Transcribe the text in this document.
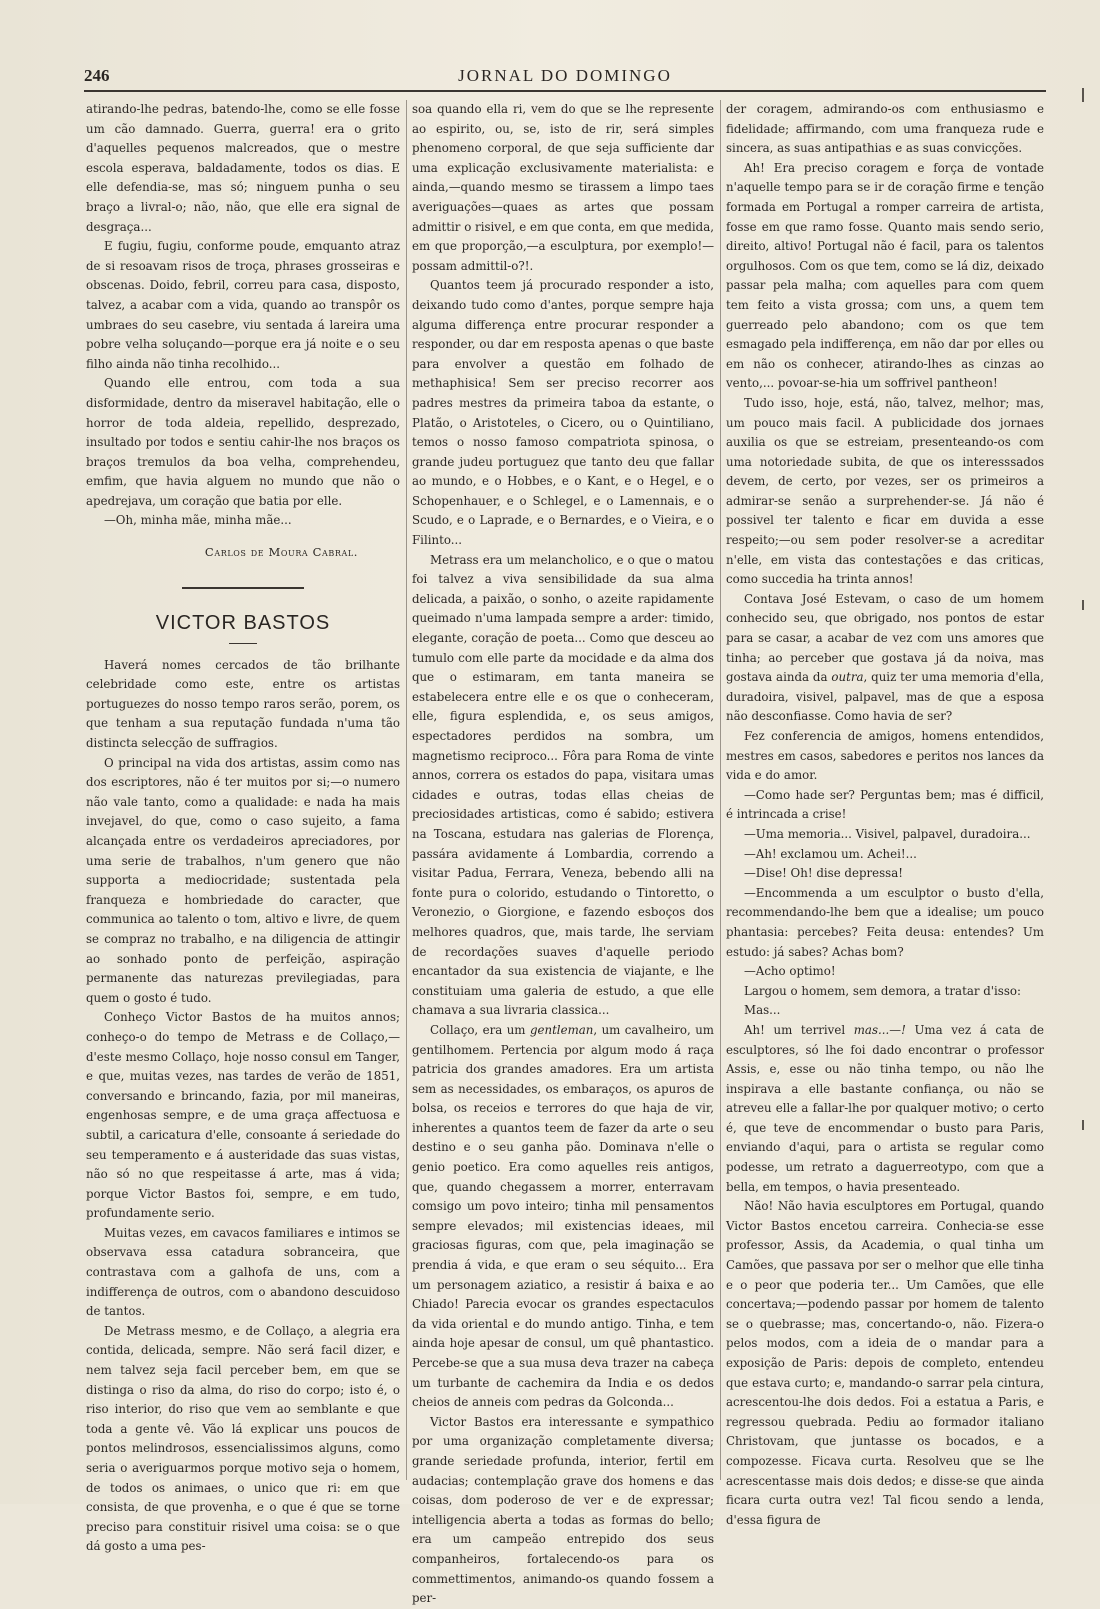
246	JORNAL DO DOMINGO

atirando-lhe pedras, batendo-lhe, como se elle fosse um cão damnado. Guerra, guerra! era o grito d'aquelles pequenos malcreados, que o mestre escola esperava, baldadamente, todos os dias. E elle defendia-se, mas só; ninguem punha o seu braço a livral-o; não, não, que elle era signal de desgraça...

E fugiu, fugiu, conforme poude, emquanto atraz de si resoavam risos de troça, phrases grosseiras e obscenas. Doido, febril, correu para casa, disposto, talvez, a acabar com a vida, quando ao transpôr os umbraes do seu casebre, viu sentada á lareira uma pobre velha soluçando—porque era já noite e o seu filho ainda não tinha recolhido...

Quando elle entrou, com toda a sua disformidade, dentro da miseravel habitação, elle o horror de toda aldeia, repellido, desprezado, insultado por todos e sentiu cahir-lhe nos braços os braços tremulos da boa velha, comprehendeu, emfim, que havia alguem no mundo que não o apedrejava, um coração que batia por elle.

—Oh, minha mãe, minha mãe...

Carlos de Moura Cabral.

VICTOR BASTOS

Haverá nomes cercados de tão brilhante celebridade como este, entre os artistas portuguezes do nosso tempo raros serão, porem, os que tenham a sua reputação fundada n'uma tão distincta selecção de suffragios.

O principal na vida dos artistas, assim como nas dos escriptores, não é ter muitos por si;—o numero não vale tanto, como a qualidade: e nada ha mais invejavel, do que, como o caso sujeito, a fama alcançada entre os verdadeiros apreciadores, por uma serie de trabalhos, n'um genero que não supporta a mediocridade; sustentada pela franqueza e hombriedade do caracter, que communica ao talento o tom, altivo e livre, de quem se compraz no trabalho, e na diligencia de attingir ao sonhado ponto de perfeição, aspiração permanente das naturezas previlegiadas, para quem o gosto é tudo.

Conheço Victor Bastos de ha muitos annos; conheço-o do tempo de Metrass e de Collaço,—d'este mesmo Collaço, hoje nosso consul em Tanger, e que, muitas vezes, nas tardes de verão de 1851, conversando e brincando, fazia, por mil maneiras, engenhosas sempre, e de uma graça affectuosa e subtil, a caricatura d'elle, consoante á seriedade do seu temperamento e á austeridade das suas vistas, não só no que respeitasse á arte, mas á vida; porque Victor Bastos foi, sempre, e em tudo, profundamente serio.

Muitas vezes, em cavacos familiares e intimos se observava essa catadura sobranceira, que contrastava com a galhofa de uns, com a indifferença de outros, com o abandono descuidoso de tantos.

De Metrass mesmo, e de Collaço, a alegria era contida, delicada, sempre. Não será facil dizer, e nem talvez seja facil perceber bem, em que se distinga o riso da alma, do riso do corpo; isto é, o riso interior, do riso que vem ao semblante e que toda a gente vê. Vão lá explicar uns poucos de pontos melindrosos, essencialissimos alguns, como seria o averiguarmos porque motivo seja o homem, de todos os animaes, o unico que ri: em que consista, de que provenha, e o que é que se torne preciso para constituir risivel uma coisa: se o que dá gosto a uma pes-

soa quando ella ri, vem do que se lhe represente ao espirito, ou, se, isto de rir, será simples phenomeno corporal, de que seja sufficiente dar uma explicação exclusivamente materialista: e ainda,—quando mesmo se tirassem a limpo taes averiguações—quaes as artes que possam admittir o risivel, e em que conta, em que medida, em que proporção,—a esculptura, por exemplo!—possam admittil-o?!.

Quantos teem já procurado responder a isto, deixando tudo como d'antes, porque sempre haja alguma differença entre procurar responder a responder, ou dar em resposta apenas o que baste para envolver a questão em folhado de methaphisica! Sem ser preciso recorrer aos padres mestres da primeira taboa da estante, o Platão, o Aristoteles, o Cicero, ou o Quintiliano, temos o nosso famoso compatriota spinosa, o grande judeu portuguez que tanto deu que fallar ao mundo, e o Hobbes, e o Kant, e o Hegel, e o Schopenhauer, e o Schlegel, e o Lamennais, e o Scudo, e o Laprade, e o Bernardes, e o Vieira, e o Filinto...

Metrass era um melancholico, e o que o matou foi talvez a viva sensibilidade da sua alma delicada, a paixão, o sonho, o azeite rapidamente queimado n'uma lampada sempre a arder: timido, elegante, coração de poeta... Como que desceu ao tumulo com elle parte da mocidade e da alma dos que o estimaram, em tanta maneira se estabelecera entre elle e os que o conheceram, elle, figura esplendida, e, os seus amigos, espectadores perdidos na sombra, um magnetismo reciproco... Fôra para Roma de vinte annos, correra os estados do papa, visitara umas cidades e outras, todas ellas cheias de preciosidades artisticas, como é sabido; estivera na Toscana, estudara nas galerias de Florença, passára avidamente á Lombardia, correndo a visitar Padua, Ferrara, Veneza, bebendo alli na fonte pura o colorido, estudando o Tintoretto, o Veronezio, o Giorgione, e fazendo esboços dos melhores quadros, que, mais tarde, lhe serviam de recordações suaves d'aquelle periodo encantador da sua existencia de viajante, e lhe constituiam uma galeria de estudo, a que elle chamava a sua livraria classica...

Collaço, era um gentleman, um cavalheiro, um gentilhomem. Pertencia por algum modo á raça patricia dos grandes amadores. Era um artista sem as necessidades, os embaraços, os apuros de bolsa, os receios e terrores do que haja de vir, inherentes a quantos teem de fazer da arte o seu destino e o seu ganha pão. Dominava n'elle o genio poetico. Era como aquelles reis antigos, que, quando chegassem a morrer, enterravam comsigo um povo inteiro; tinha mil pensamentos sempre elevados; mil existencias ideaes, mil graciosas figuras, com que, pela imaginação se prendia á vida, e que eram o seu séquito... Era um personagem aziatico, a resistir á baixa e ao Chiado! Parecia evocar os grandes espectaculos da vida oriental e do mundo antigo. Tinha, e tem ainda hoje apesar de consul, um quê phantastico. Percebe-se que a sua musa deva trazer na cabeça um turbante de cachemira da India e os dedos cheios de anneis com pedras da Golconda...

Victor Bastos era interessante e sympathico por uma organização completamente diversa; grande seriedade profunda, interior, fertil em audacias; contemplação grave dos homens e das coisas, dom poderoso de ver e de expressar; intelligencia aberta a todas as formas do bello; era um campeão entrepido dos seus companheiros, fortalecendo-os para os commettimentos, animando-os quando fossem a per-

der coragem, admirando-os com enthusiasmo e fidelidade; affirmando, com uma franqueza rude e sincera, as suas antipathias e as suas convicções.

Ah! Era preciso coragem e força de vontade n'aquelle tempo para se ir de coração firme e tenção formada em Portugal a romper carreira de artista, fosse em que ramo fosse. Quanto mais sendo serio, direito, altivo! Portugal não é facil, para os talentos orgulhosos. Com os que tem, como se lá diz, deixado passar pela malha; com aquelles para com quem tem feito a vista grossa; com uns, a quem tem guerreado pelo abandono; com os que tem esmagado pela indifferença, em não dar por elles ou em não os conhecer, atirando-lhes as cinzas ao vento,... povoar-se-hia um soffrivel pantheon!

Tudo isso, hoje, está, não, talvez, melhor; mas, um pouco mais facil. A publicidade dos jornaes auxilia os que se estreiam, presenteando-os com uma notoriedade subita, de que os interesssados devem, de certo, por vezes, ser os primeiros a admirar-se senão a surprehender-se. Já não é possivel ter talento e ficar em duvida a esse respeito;—ou sem poder resolver-se a acreditar n'elle, em vista das contestações e das criticas, como succedia ha trinta annos!

Contava José Estevam, o caso de um homem conhecido seu, que obrigado, nos pontos de estar para se casar, a acabar de vez com uns amores que tinha; ao perceber que gostava já da noiva, mas gostava ainda da outra, quiz ter uma memoria d'ella, duradoira, visivel, palpavel, mas de que a esposa não desconfiasse. Como havia de ser?

Fez conferencia de amigos, homens entendidos, mestres em casos, sabedores e peritos nos lances da vida e do amor.

—Como hade ser? Perguntas bem; mas é difficil, é intrincada a crise!

—Uma memoria... Visivel, palpavel, duradoira...

—Ah! exclamou um. Achei!...

—Dise! Oh! dise depressa!

—Encommenda a um esculptor o busto d'ella, recommendando-lhe bem que a idealise; um pouco phantasia: percebes? Feita deusa: entendes? Um estudo: já sabes? Achas bom?

—Acho optimo!

Largou o homem, sem demora, a tratar d'isso:

Mas...

Ah! um terrivel mas...—! Uma vez á cata de esculptores, só lhe foi dado encontrar o professor Assis, e, esse ou não tinha tempo, ou não lhe inspirava a elle bastante confiança, ou não se atreveu elle a fallar-lhe por qualquer motivo; o certo é, que teve de encommendar o busto para Paris, enviando d'aqui, para o artista se regular como podesse, um retrato a daguerreotypo, com que a bella, em tempos, o havia presenteado.

Não! Não havia esculptores em Portugal, quando Victor Bastos encetou carreira. Conhecia-se esse professor, Assis, da Academia, o qual tinha um Camões, que passava por ser o melhor que elle tinha e o peor que poderia ter... Um Camões, que elle concertava;—podendo passar por homem de talento se o quebrasse; mas, concertando-o, não. Fizera-o pelos modos, com a ideia de o mandar para a exposição de Paris: depois de completo, entendeu que estava curto; e, mandando-o sarrar pela cintura, acrescentou-lhe dois dedos. Foi a estatua a Paris, e regressou quebrada. Pediu ao formador italiano Christovam, que juntasse os bocados, e a compozesse. Ficava curta. Resolveu que se lhe acrescentasse mais dois dedos; e disse-se que ainda ficara curta outra vez! Tal ficou sendo a lenda, d'essa figura de
